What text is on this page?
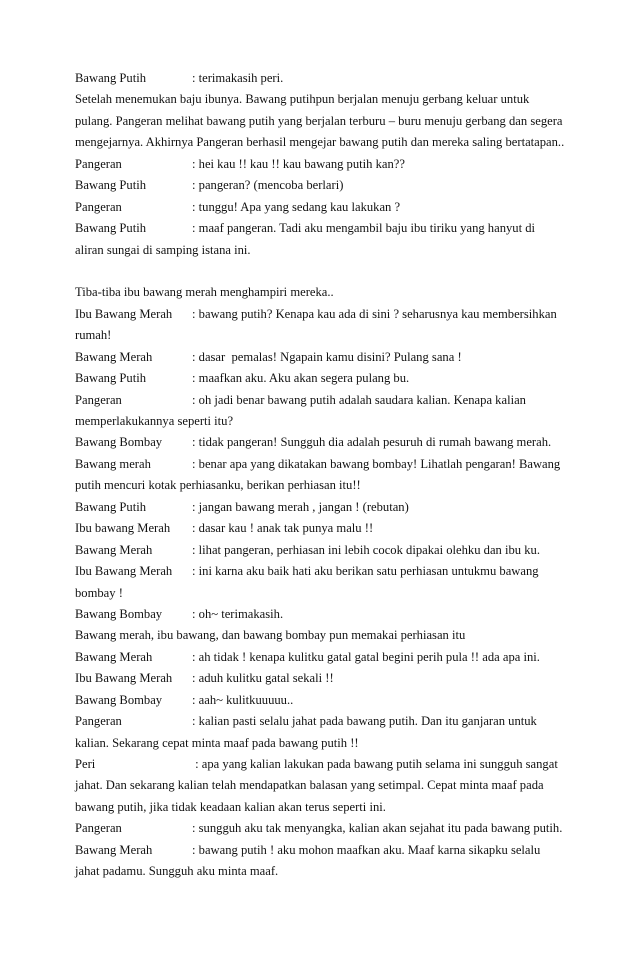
Bawang Putih	: terimakasih peri.
Setelah menemukan baju ibunya. Bawang putihpun berjalan menuju gerbang keluar untuk
pulang. Pangeran melihat bawang putih yang berjalan terburu – buru menuju gerbang dan segera
mengejarnya. Akhirnya Pangeran berhasil mengejar bawang putih dan mereka saling bertatapan..
Pangeran	: hei kau !! kau !! kau bawang putih kan??
Bawang Putih	: pangeran? (mencoba berlari)
Pangeran	: tunggu! Apa yang sedang kau lakukan ?
Bawang Putih	: maaf pangeran. Tadi aku mengambil baju ibu tiriku yang hanyut di
aliran sungai di samping istana ini.
Tiba-tiba ibu bawang merah menghampiri mereka..
Ibu Bawang Merah : bawang putih? Kenapa kau ada di sini ? seharusnya kau membersihkan
rumah!
Bawang Merah	: dasar  pemalas! Ngapain kamu disini? Pulang sana !
Bawang Putih	: maafkan aku. Aku akan segera pulang bu.
Pangeran	: oh jadi benar bawang putih adalah saudara kalian. Kenapa kalian
memperlakukannya seperti itu?
Bawang Bombay : tidak pangeran! Sungguh dia adalah pesuruh di rumah bawang merah.
Bawang merah	: benar apa yang dikatakan bawang bombay! Lihatlah pengaran! Bawang
putih mencuri kotak perhiasanku, berikan perhiasan itu!!
Bawang Putih	: jangan bawang merah , jangan ! (rebutan)
Ibu bawang Merah : dasar kau ! anak tak punya malu !!
Bawang Merah	: lihat pangeran, perhiasan ini lebih cocok dipakai olehku dan ibu ku.
Ibu Bawang Merah : ini karna aku baik hati aku berikan satu perhiasan untukmu bawang
bombay !
Bawang Bombay : oh~ terimakasih.
Bawang merah, ibu bawang, dan bawang bombay pun memakai perhiasan itu
Bawang Merah	: ah tidak ! kenapa kulitku gatal gatal begini perih pula !! ada apa ini.
Ibu Bawang Merah : aduh kulitku gatal sekali !!
Bawang Bombay : aah~ kulitkuuuuu..
Pangeran	: kalian pasti selalu jahat pada bawang putih. Dan itu ganjaran untuk
kalian. Sekarang cepat minta maaf pada bawang putih !!
Peri	: apa yang kalian lakukan pada bawang putih selama ini sungguh sangat
jahat. Dan sekarang kalian telah mendapatkan balasan yang setimpal. Cepat minta maaf pada
bawang putih, jika tidak keadaan kalian akan terus seperti ini.
Pangeran	: sungguh aku tak menyangka, kalian akan sejahat itu pada bawang putih.
Bawang Merah	: bawang putih ! aku mohon maafkan aku. Maaf karna sikapku selalu
jahat padamu. Sungguh aku minta maaf.
